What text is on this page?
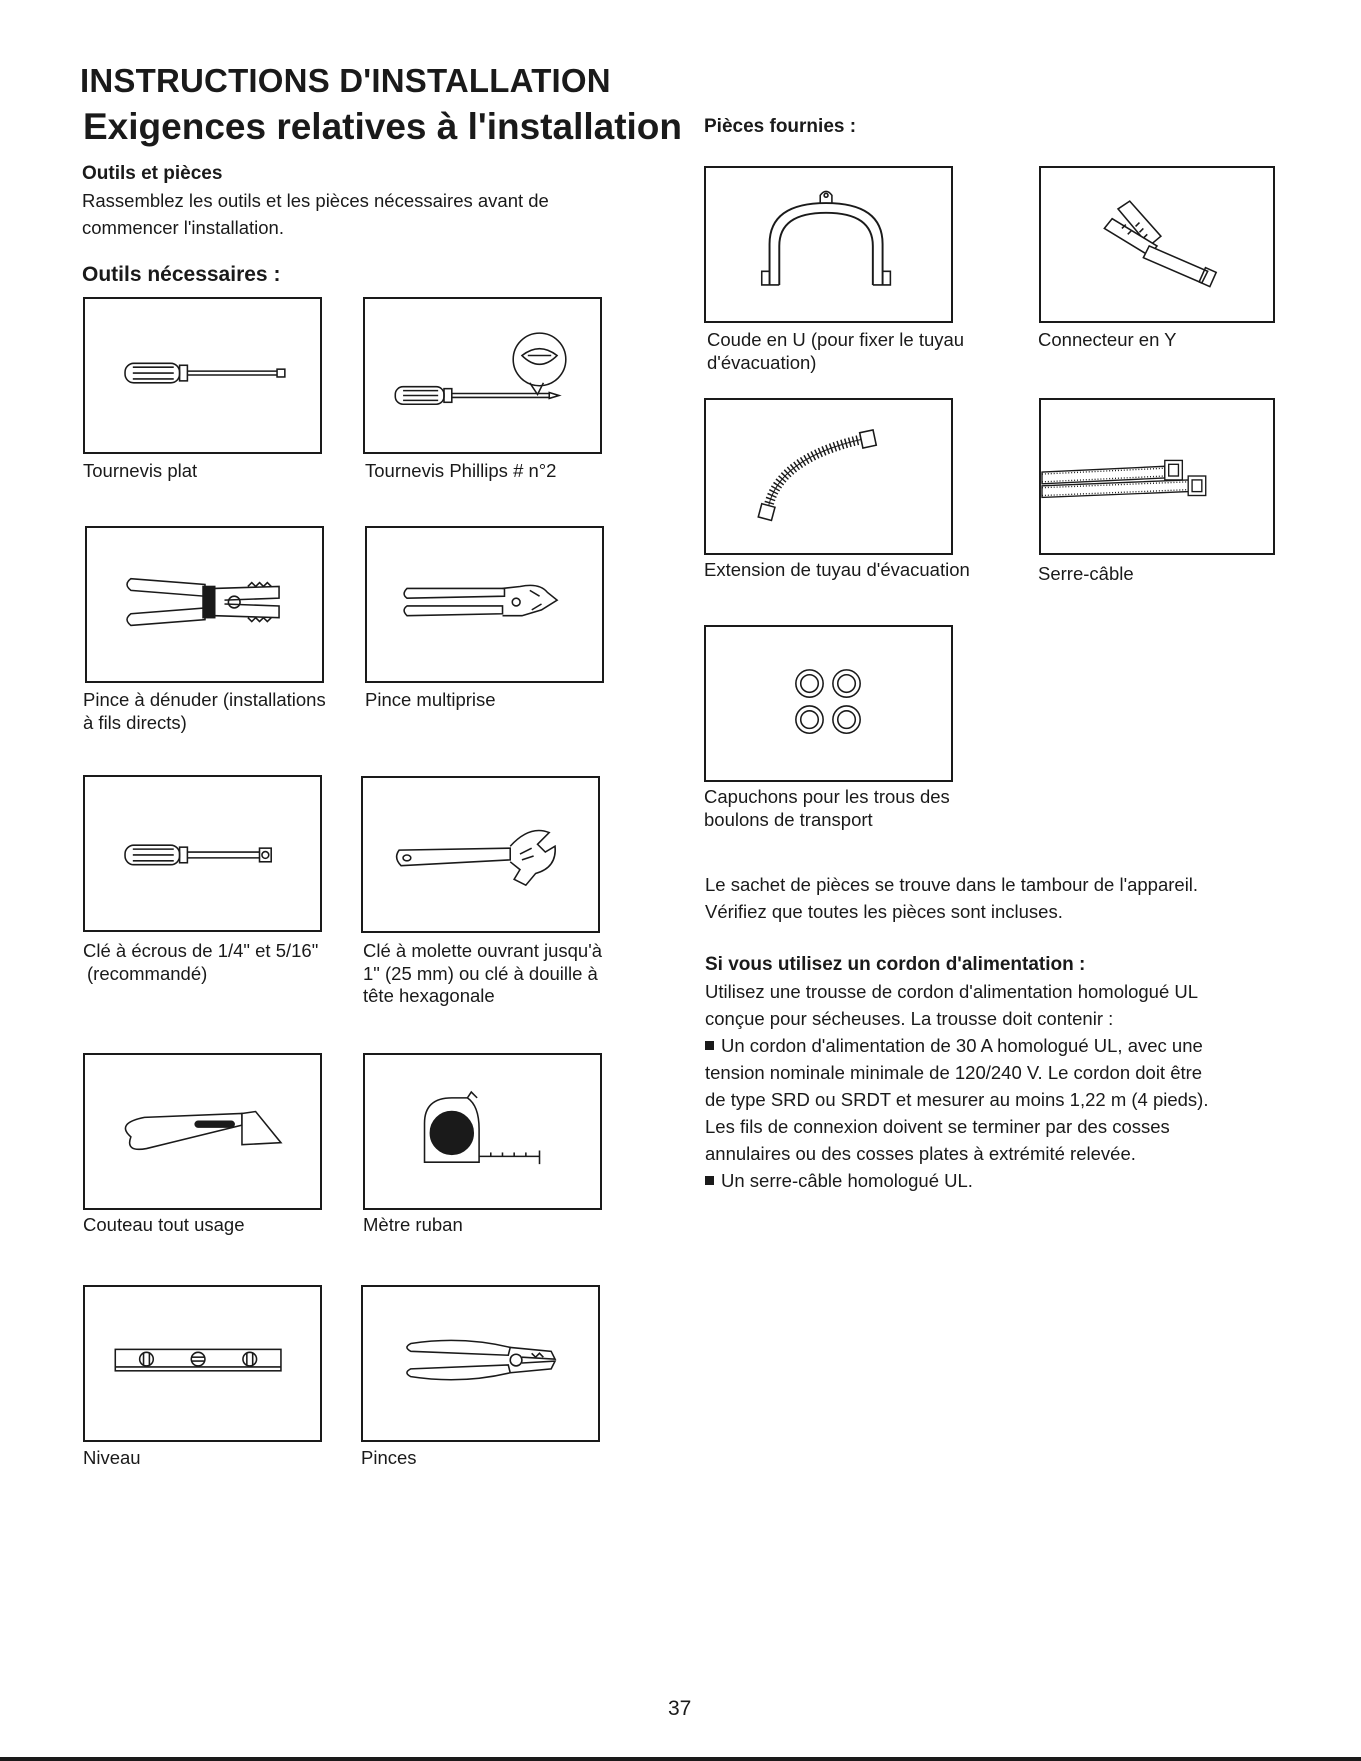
INSTRUCTIONS D'INSTALLATION
Exigences relatives à l'installation
Outils et pièces
Rassemblez les outils et les pièces nécessaires avant de
commencer l'installation.
Outils nécessaires :
Tournevis plat	Tournevis Phillips # n°2
Pince à dénuder (installations
à fils directs)
Pince multiprise
Clé à écrous de 1/4" et 5/16"
(recommandé)
Clé à molette ouvrant jusqu'à
1" (25 mm) ou clé à douille à
tête hexagonale
Couteau tout usage	Mètre ruban
Niveau	Pinces
Pièces fournies :
Coude en U (pour fixer le tuyau
d'évacuation)
Connecteur en Y
Extension de tuyau d'évacuation	Serre-câble
Capuchons pour les trous des
boulons de transport
Le sachet de pièces se trouve dans le tambour de l'appareil.
Vérifiez que toutes les pièces sont incluses.
Si vous utilisez un cordon d'alimentation :
Utilisez une trousse de cordon d'alimentation homologué UL
conçue pour sécheuses. La trousse doit contenir :
Un cordon d'alimentation de 30 A homologué UL, avec une
tension nominale minimale de 120/240 V. Le cordon doit être
de type SRD ou SRDT et mesurer au moins 1,22 m (4 pieds).
Les fils de connexion doivent se terminer par des cosses
annulaires ou des cosses plates à extrémité relevée.
Un serre-câble homologué UL.
37
